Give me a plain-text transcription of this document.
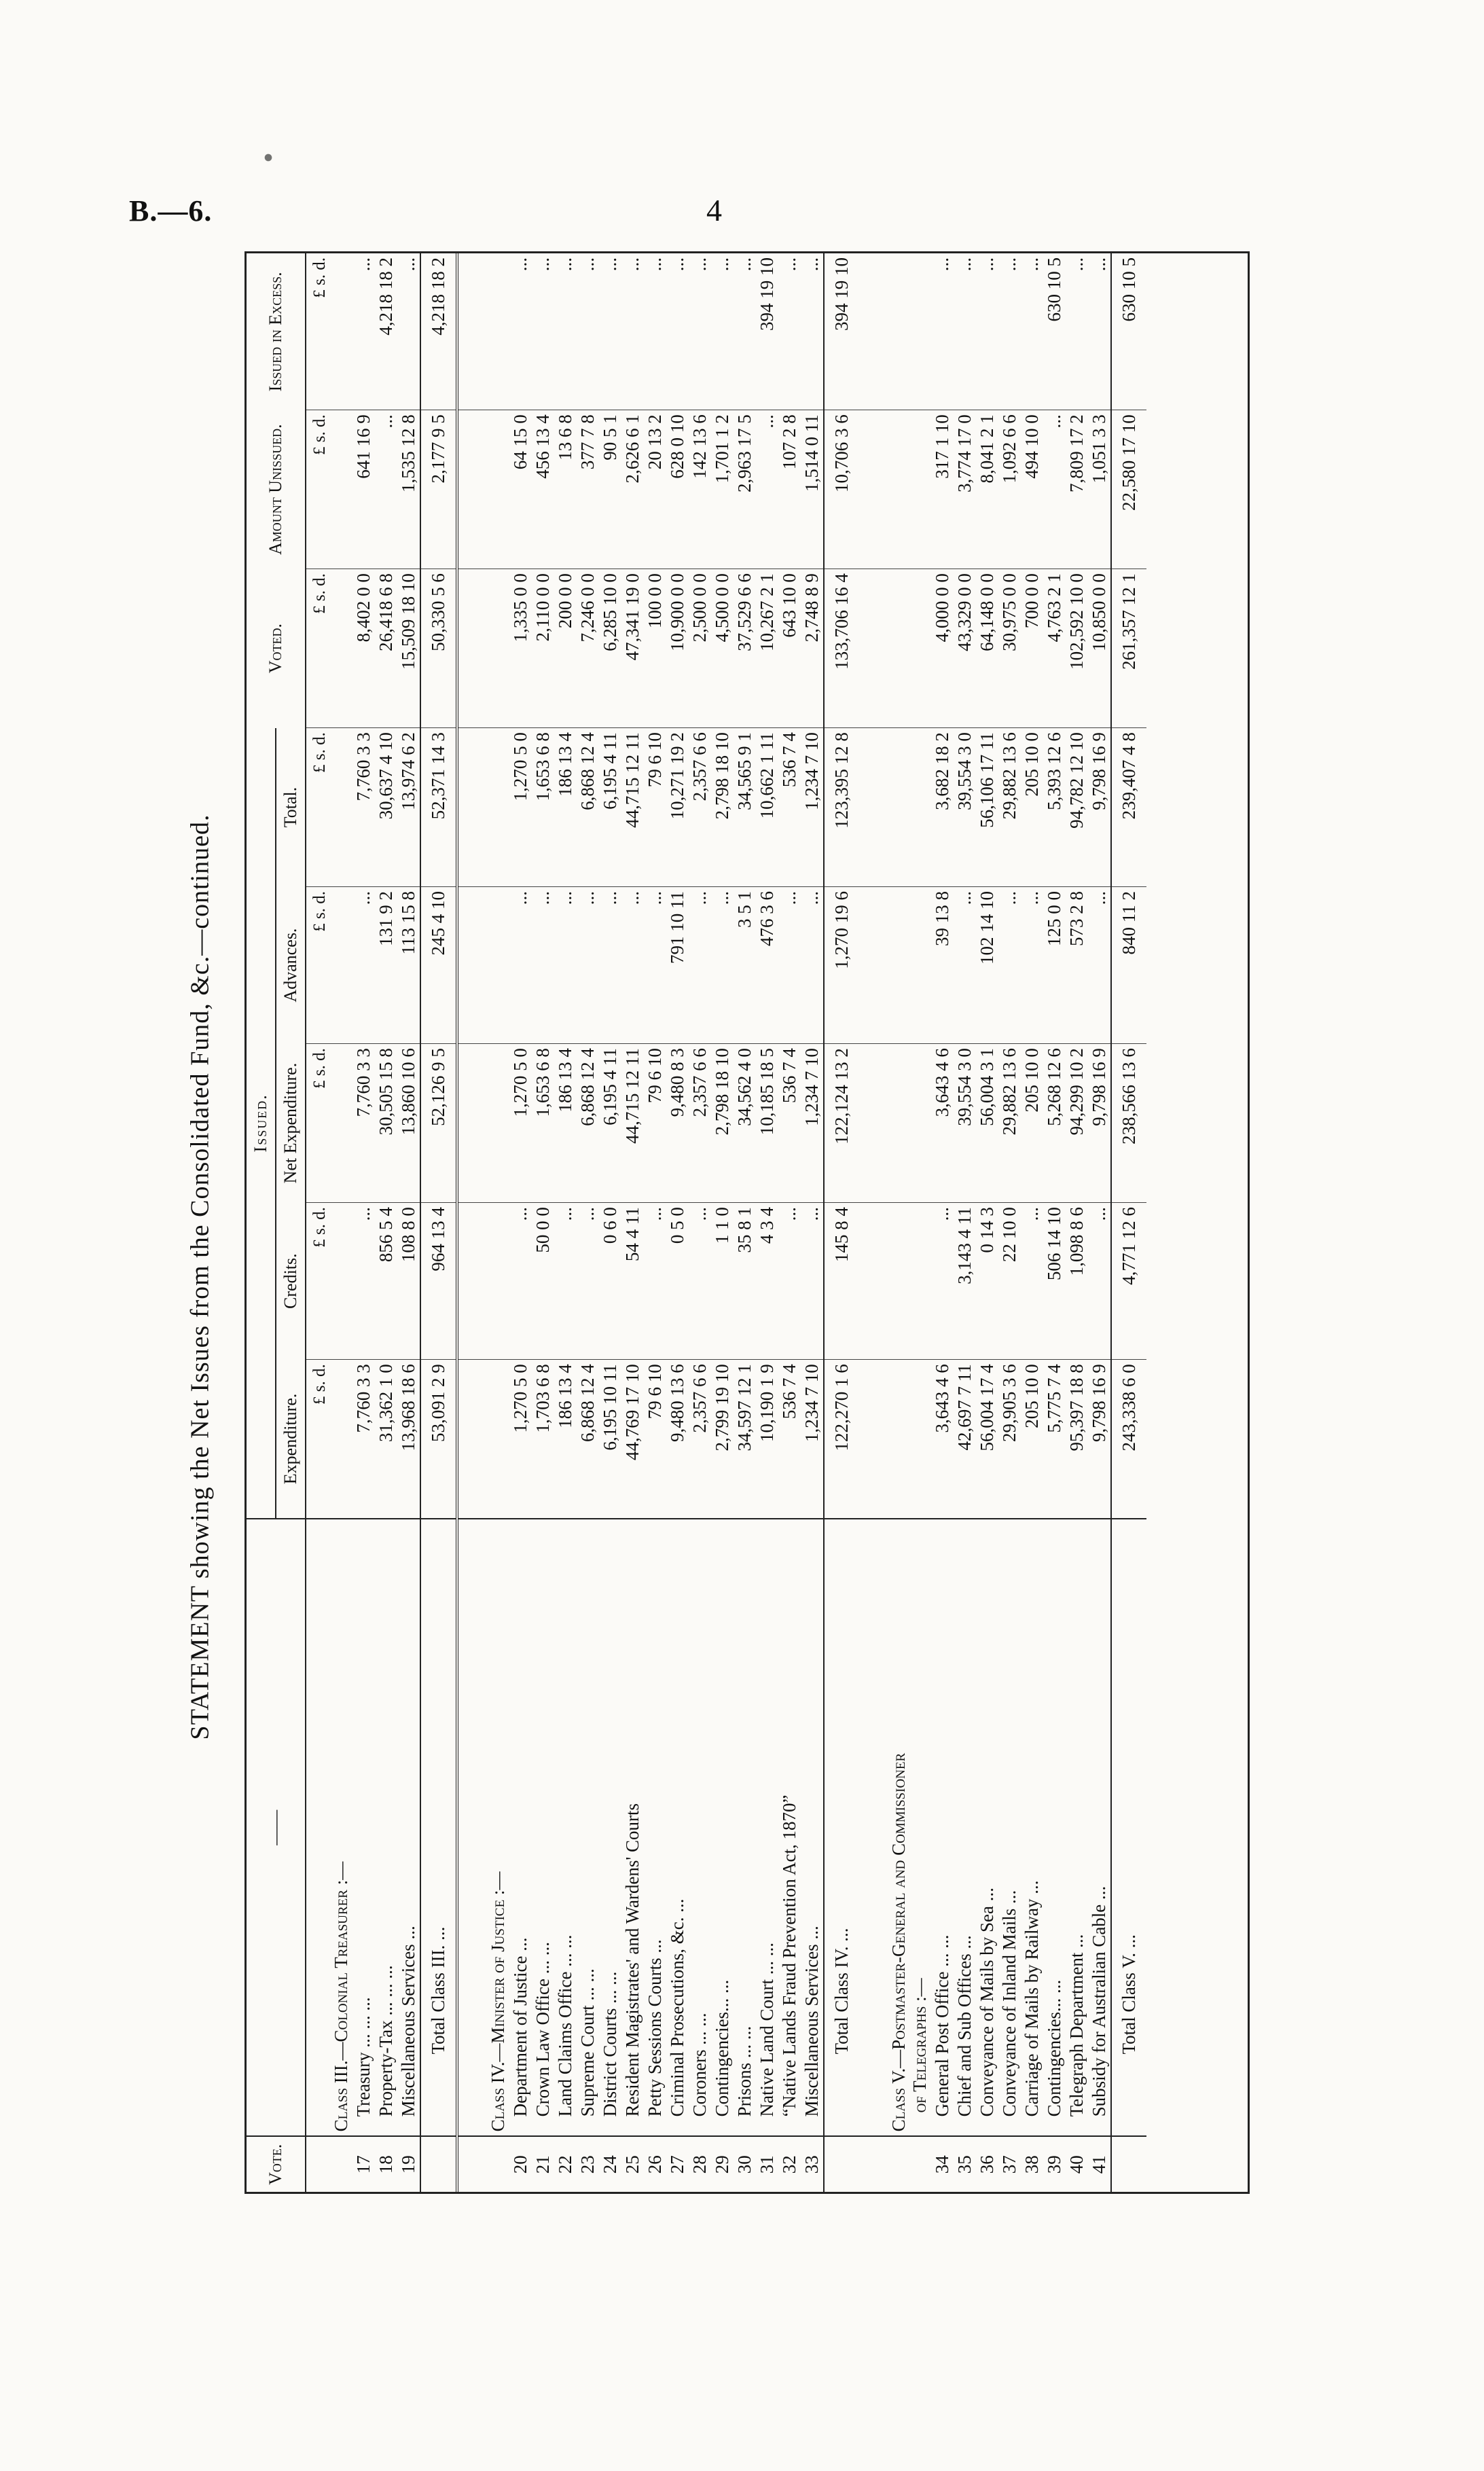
B.—6.	4
STATEMENT showing the Net Issues from the Consolidated Fund, &c.—continued.
Vote.	——	Issued.					Voted.	Amount Unissued.	Issued in Excess.
		Expenditure.	Credits.	Net Expenditure.	Advances.	Total.			
		£ s. d.	£ s. d.	£ s. d.	£ s. d.	£ s. d.	£ s. d.	£ s. d.	£ s. d.
	Class III.—Colonial Treasurer :—								
17	Treasury ... ... ...	7,760 3 3	...	7,760 3 3	...	7,760 3 3	8,402 0 0	641 16 9	...
18	Property-Tax ... ... ...	31,362 1 0	856 5 4	30,505 15 8	131 9 2	30,637 4 10	26,418 6 8	...	4,218 18 2
19	Miscellaneous Services ...	13,968 18 6	108 8 0	13,860 10 6	113 15 8	13,974 6 2	15,509 18 10	1,535 12 8	...
	Total Class III. ...	53,091 2 9	964 13 4	52,126 9 5	245 4 10	52,371 14 3	50,330 5 6	2,177 9 5	4,218 18 2

	Class IV.—Minister of Justice :—								
20	Department of Justice ...	1,270 5 0	...	1,270 5 0	...	1,270 5 0	1,335 0 0	64 15 0	...
21	Crown Law Office ... ...	1,703 6 8	50 0 0	1,653 6 8	...	1,653 6 8	2,110 0 0	456 13 4	...
22	Land Claims Office ... ...	186 13 4	...	186 13 4	...	186 13 4	200 0 0	13 6 8	...
23	Supreme Court ... ...	6,868 12 4	...	6,868 12 4	...	6,868 12 4	7,246 0 0	377 7 8	...
24	District Courts ... ...	6,195 10 11	0 6 0	6,195 4 11	...	6,195 4 11	6,285 10 0	90 5 1	...
25	Resident Magistrates' and Wardens' Courts	44,769 17 10	54 4 11	44,715 12 11	...	44,715 12 11	47,341 19 0	2,626 6 1	...
26	Petty Sessions Courts ...	79 6 10	...	79 6 10	...	79 6 10	100 0 0	20 13 2	...
27	Criminal Prosecutions, &c. ...	9,480 13 6	0 5 0	9,480 8 3	791 10 11	10,271 19 2	10,900 0 0	628 0 10	...
28	Coroners ... ...	2,357 6 6	...	2,357 6 6	...	2,357 6 6	2,500 0 0	142 13 6	...
29	Contingencies... ...	2,799 19 10	1 1 0	2,798 18 10	...	2,798 18 10	4,500 0 0	1,701 1 2	...
30	Prisons ... ...	34,597 12 1	35 8 1	34,562 4 0	3 5 1	34,565 9 1	37,529 6 6	2,963 17 5	...
31	Native Land Court ... ...	10,190 1 9	4 3 4	10,185 18 5	476 3 6	10,662 1 11	10,267 2 1	...	394 19 10
32	“Native Lands Fraud Prevention Act, 1870”	536 7 4	...	536 7 4	...	536 7 4	643 10 0	107 2 8	...
33	Miscellaneous Services ...	1,234 7 10	...	1,234 7 10	...	1,234 7 10	2,748 8 9	1,514 0 11	...
	Total Class IV. ...	122,270 1 6	145 8 4	122,124 13 2	1,270 19 6	123,395 12 8	133,706 16 4	10,706 3 6	394 19 10

	Class V.—Postmaster-General and Commissioner
of Telegraphs :—								
34	General Post Office ... ...	3,643 4 6	...	3,643 4 6	39 13 8	3,682 18 2	4,000 0 0	317 1 10	...
35	Chief and Sub Offices ...	42,697 7 11	3,143 4 11	39,554 3 0	...	39,554 3 0	43,329 0 0	3,774 17 0	...
36	Conveyance of Mails by Sea ...	56,004 17 4	0 14 3	56,004 3 1	102 14 10	56,106 17 11	64,148 0 0	8,041 2 1	...
37	Conveyance of Inland Mails ...	29,905 3 6	22 10 0	29,882 13 6	...	29,882 13 6	30,975 0 0	1,092 6 6	...
38	Carriage of Mails by Railway ...	205 10 0	...	205 10 0	...	205 10 0	700 0 0	494 10 0	...
39	Contingencies... ...	5,775 7 4	506 14 10	5,268 12 6	125 0 0	5,393 12 6	4,763 2 1	...	630 10 5
40	Telegraph Department ...	95,397 18 8	1,098 8 6	94,299 10 2	573 2 8	94,782 12 10	102,592 10 0	7,809 17 2	...
41	Subsidy for Australian Cable ...	9,798 16 9	...	9,798 16 9	...	9,798 16 9	10,850 0 0	1,051 3 3	...
	Total Class V. ...	243,338 6 0	4,771 12 6	238,566 13 6	840 11 2	239,407 4 8	261,357 12 1	22,580 17 10	630 10 5
